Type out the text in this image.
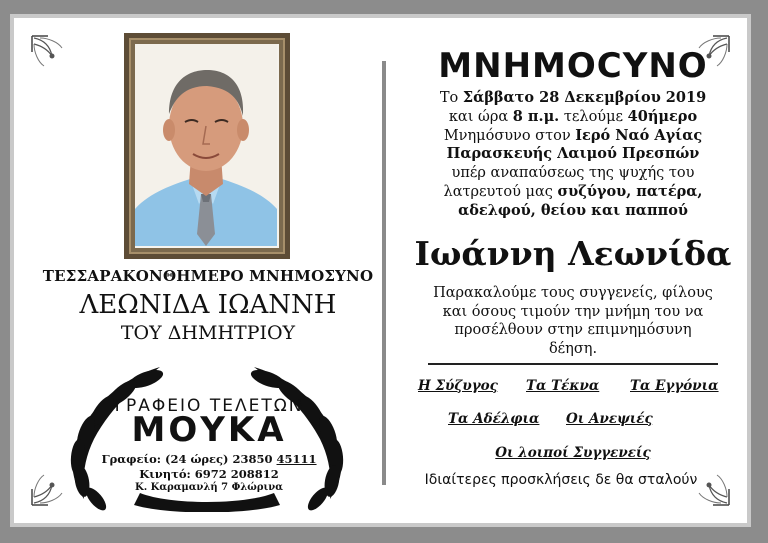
ΤΕΣΣΑΡΑΚΟΝΘΗΜΕΡΟ ΜΝΗΜΟΣΥΝΟ
ΛΕΩΝΙΔΑ ΙΩΑΝΝΗ
ΤΟΥ ΔΗΜΗΤΡΙΟΥ
ΓΡΑΦΕΙΟ ΤΕΛΕΤΩΝ
ΜΟΥΚΑ
Γραφείο: (24 ώρες) 23850 45111
Κινητό: 6972 208812
Κ. Καραμανλή 7 Φλώρινα
ΜΝΗΜΟCΥΝΟ
Το Σάββατο 28 Δεκεμβρίου 2019
και ώρα 8 π.μ. τελούμε 40ήμερο
Μνημόσυνο στον Ιερό Ναό Αγίας
Παρασκευής Λαιμού Πρεσπών
υπέρ αναπαύσεως της ψυχής του
λατρευτού μας συζύγου, πατέρα,
αδελφού, θείου και παππού
Ιωάννη Λεωνίδα
Παρακαλούμε τους συγγενείς, φίλους
και όσους τιμούν την μνήμη του να
προσέλθουν στην επιμνημόσυνη
δέηση.
Η Σύζυγος Τα Τέκνα Τα Εγγόνια
Τα Αδέλφια Οι Ανεψιές
Οι λοιποί Συγγενείς
Ιδιαίτερες προσκλήσεις δε θα σταλούν
